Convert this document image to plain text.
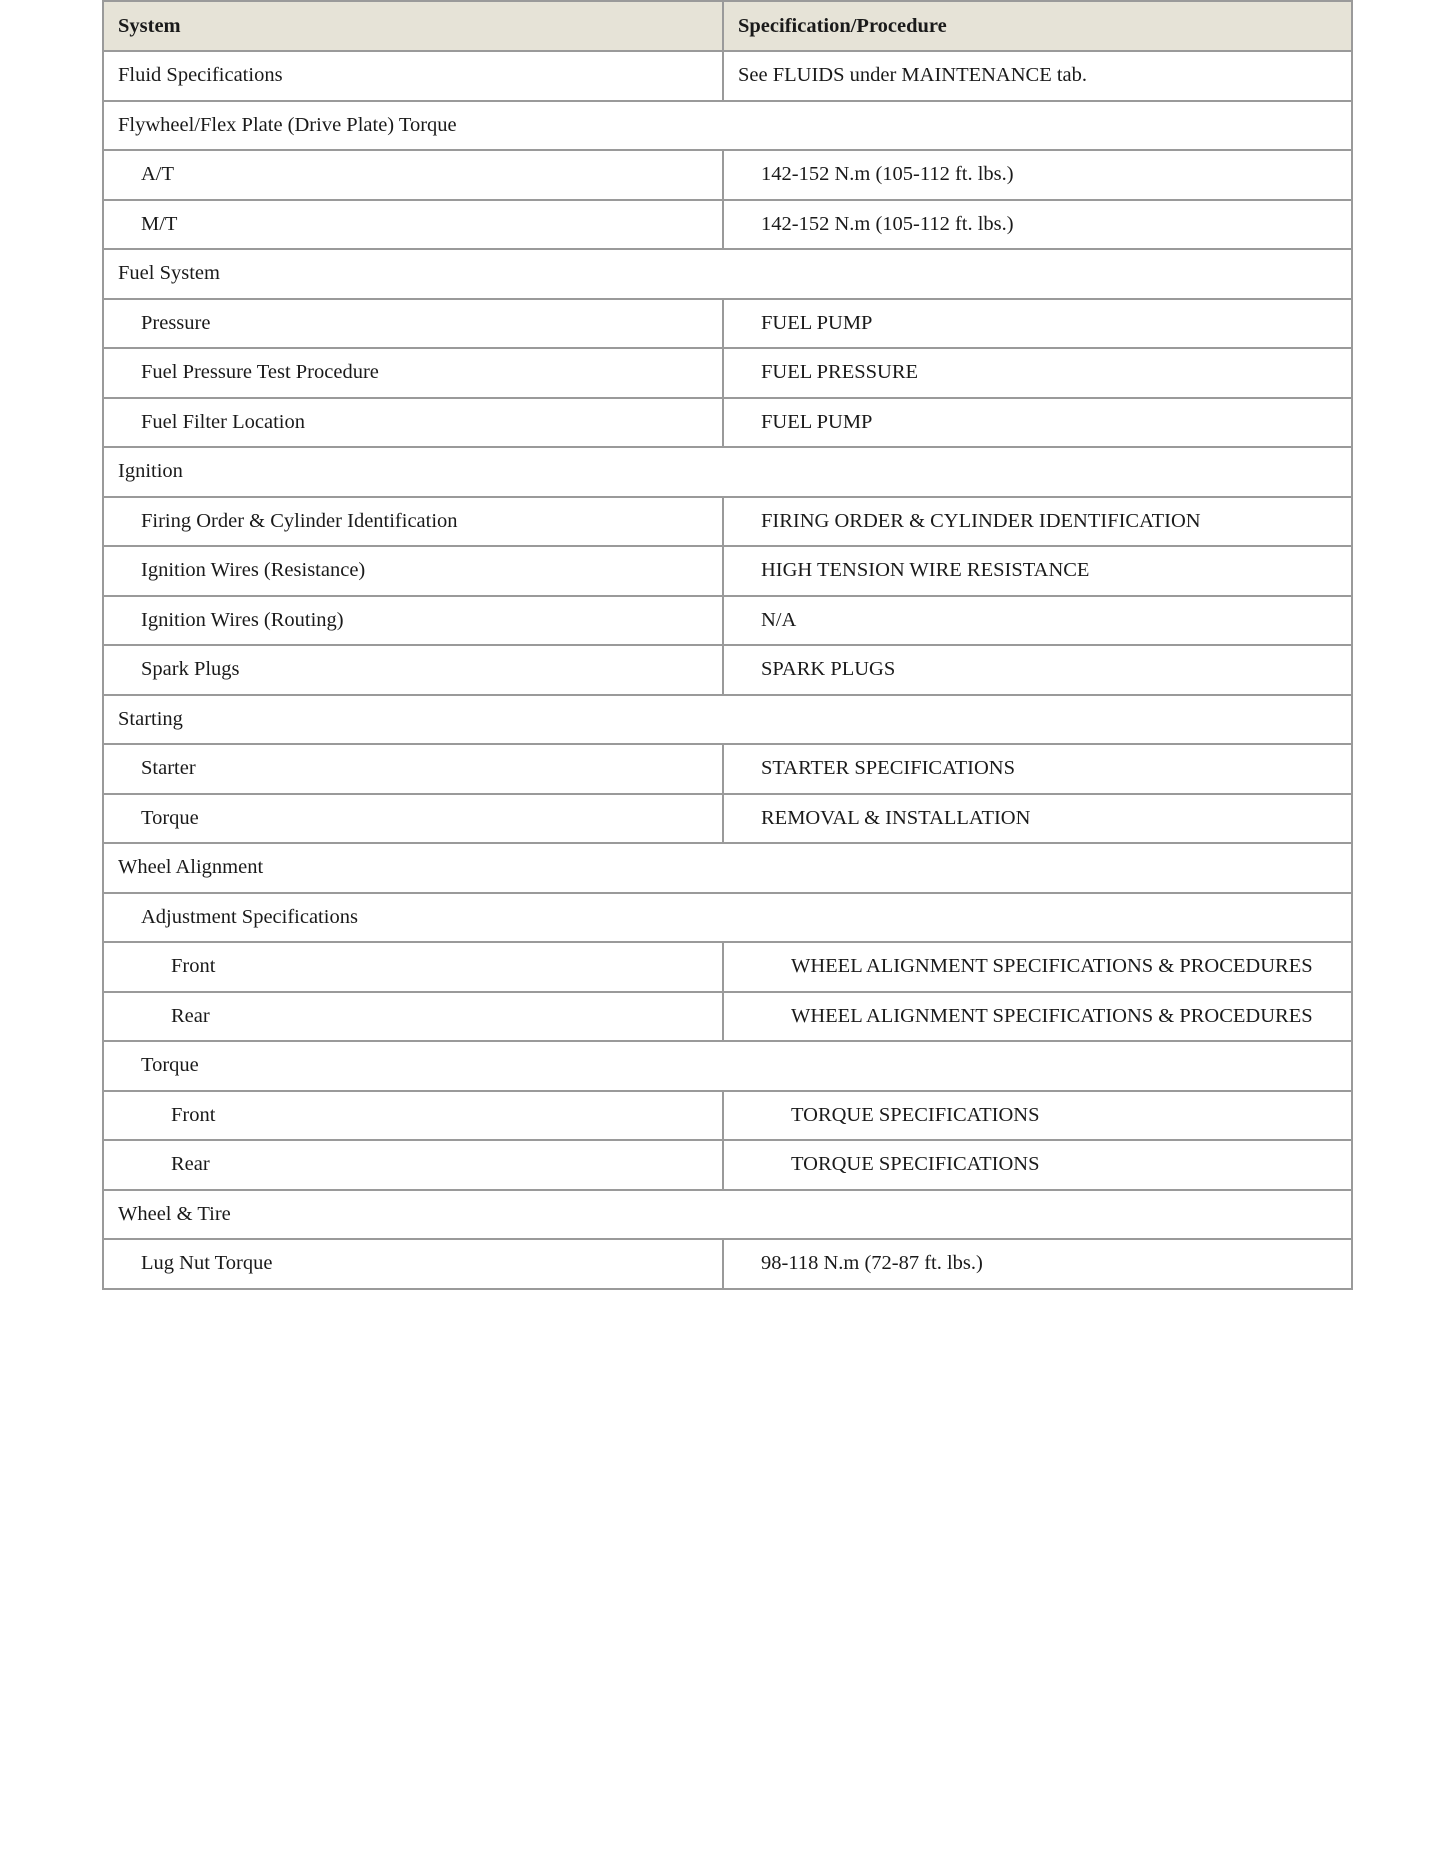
System	Specification/Procedure
Fluid Specifications	See FLUIDS under MAINTENANCE tab.
Flywheel/Flex Plate (Drive Plate) Torque	
A/T	142-152 N.m (105-112 ft. lbs.)
M/T	142-152 N.m (105-112 ft. lbs.)
Fuel System	
Pressure	FUEL PUMP
Fuel Pressure Test Procedure	FUEL PRESSURE
Fuel Filter Location	FUEL PUMP
Ignition	
Firing Order & Cylinder Identification	FIRING ORDER & CYLINDER IDENTIFICATION
Ignition Wires (Resistance)	HIGH TENSION WIRE RESISTANCE
Ignition Wires (Routing)	N/A
Spark Plugs	SPARK PLUGS
Starting	
Starter	STARTER SPECIFICATIONS
Torque	REMOVAL & INSTALLATION
Wheel Alignment	
Adjustment Specifications	
Front	WHEEL ALIGNMENT SPECIFICATIONS & PROCEDURES
Rear	WHEEL ALIGNMENT SPECIFICATIONS & PROCEDURES
Torque	
Front	TORQUE SPECIFICATIONS
Rear	TORQUE SPECIFICATIONS
Wheel & Tire	
Lug Nut Torque	98-118 N.m (72-87 ft. lbs.)
